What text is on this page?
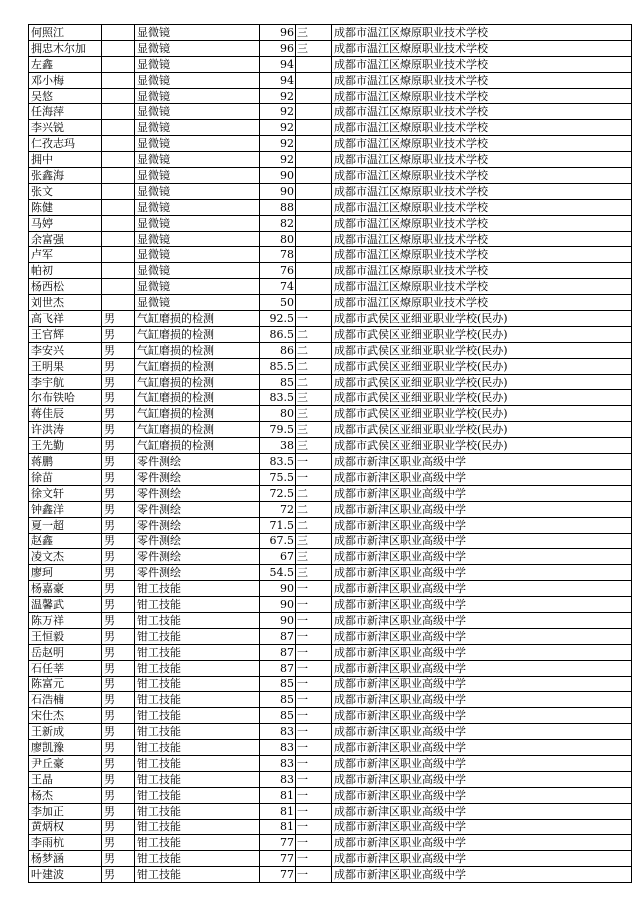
何照江		显微镜	96	三	成都市温江区燎原职业技术学校
拥忠木尔加		显微镜	96	三	成都市温江区燎原职业技术学校
左鑫		显微镜	94		成都市温江区燎原职业技术学校
邓小梅		显微镜	94		成都市温江区燎原职业技术学校
吴悠		显微镜	92		成都市温江区燎原职业技术学校
任海萍		显微镜	92		成都市温江区燎原职业技术学校
李兴锐		显微镜	92		成都市温江区燎原职业技术学校
仁孜志玛		显微镜	92		成都市温江区燎原职业技术学校
拥中		显微镜	92		成都市温江区燎原职业技术学校
张鑫海		显微镜	90		成都市温江区燎原职业技术学校
张文		显微镜	90		成都市温江区燎原职业技术学校
陈健		显微镜	88		成都市温江区燎原职业技术学校
马婷		显微镜	82		成都市温江区燎原职业技术学校
余富强		显微镜	80		成都市温江区燎原职业技术学校
卢军		显微镜	78		成都市温江区燎原职业技术学校
帕初		显微镜	76		成都市温江区燎原职业技术学校
杨西松		显微镜	74		成都市温江区燎原职业技术学校
刘世杰		显微镜	50		成都市温江区燎原职业技术学校
高飞祥	男	气缸磨损的检测	92.5	一	成都市武侯区亚细亚职业学校(民办)
王官辉	男	气缸磨损的检测	86.5	二	成都市武侯区亚细亚职业学校(民办)
李安兴	男	气缸磨损的检测	86	二	成都市武侯区亚细亚职业学校(民办)
王明果	男	气缸磨损的检测	85.5	二	成都市武侯区亚细亚职业学校(民办)
李宇航	男	气缸磨损的检测	85	二	成都市武侯区亚细亚职业学校(民办)
尔布铁哈	男	气缸磨损的检测	83.5	三	成都市武侯区亚细亚职业学校(民办)
蒋佳辰	男	气缸磨损的检测	80	三	成都市武侯区亚细亚职业学校(民办)
许洪涛	男	气缸磨损的检测	79.5	三	成都市武侯区亚细亚职业学校(民办)
王先勤	男	气缸磨损的检测	38	三	成都市武侯区亚细亚职业学校(民办)
蒋鹏	男	零件测绘	83.5	一	成都市新津区职业高级中学
徐苗	男	零件测绘	75.5	一	成都市新津区职业高级中学
徐文轩	男	零件测绘	72.5	二	成都市新津区职业高级中学
钟鑫洋	男	零件测绘	72	二	成都市新津区职业高级中学
夏一超	男	零件测绘	71.5	二	成都市新津区职业高级中学
赵鑫	男	零件测绘	67.5	三	成都市新津区职业高级中学
凌文杰	男	零件测绘	67	三	成都市新津区职业高级中学
廖珂	男	零件测绘	54.5	三	成都市新津区职业高级中学
杨嘉豪	男	钳工技能	90	一	成都市新津区职业高级中学
温馨武	男	钳工技能	90	一	成都市新津区职业高级中学
陈万祥	男	钳工技能	90	一	成都市新津区职业高级中学
王恒毅	男	钳工技能	87	一	成都市新津区职业高级中学
岳赵明	男	钳工技能	87	一	成都市新津区职业高级中学
石任莘	男	钳工技能	87	一	成都市新津区职业高级中学
陈富元	男	钳工技能	85	一	成都市新津区职业高级中学
石浩楠	男	钳工技能	85	一	成都市新津区职业高级中学
宋仕杰	男	钳工技能	85	一	成都市新津区职业高级中学
王新成	男	钳工技能	83	一	成都市新津区职业高级中学
廖凯豫	男	钳工技能	83	一	成都市新津区职业高级中学
尹丘豪	男	钳工技能	83	一	成都市新津区职业高级中学
王晶	男	钳工技能	83	一	成都市新津区职业高级中学
杨杰	男	钳工技能	81	一	成都市新津区职业高级中学
李加正	男	钳工技能	81	一	成都市新津区职业高级中学
黄炳权	男	钳工技能	81	一	成都市新津区职业高级中学
李雨杭	男	钳工技能	77	一	成都市新津区职业高级中学
杨梦涵	男	钳工技能	77	一	成都市新津区职业高级中学
叶建波	男	钳工技能	77	一	成都市新津区职业高级中学
